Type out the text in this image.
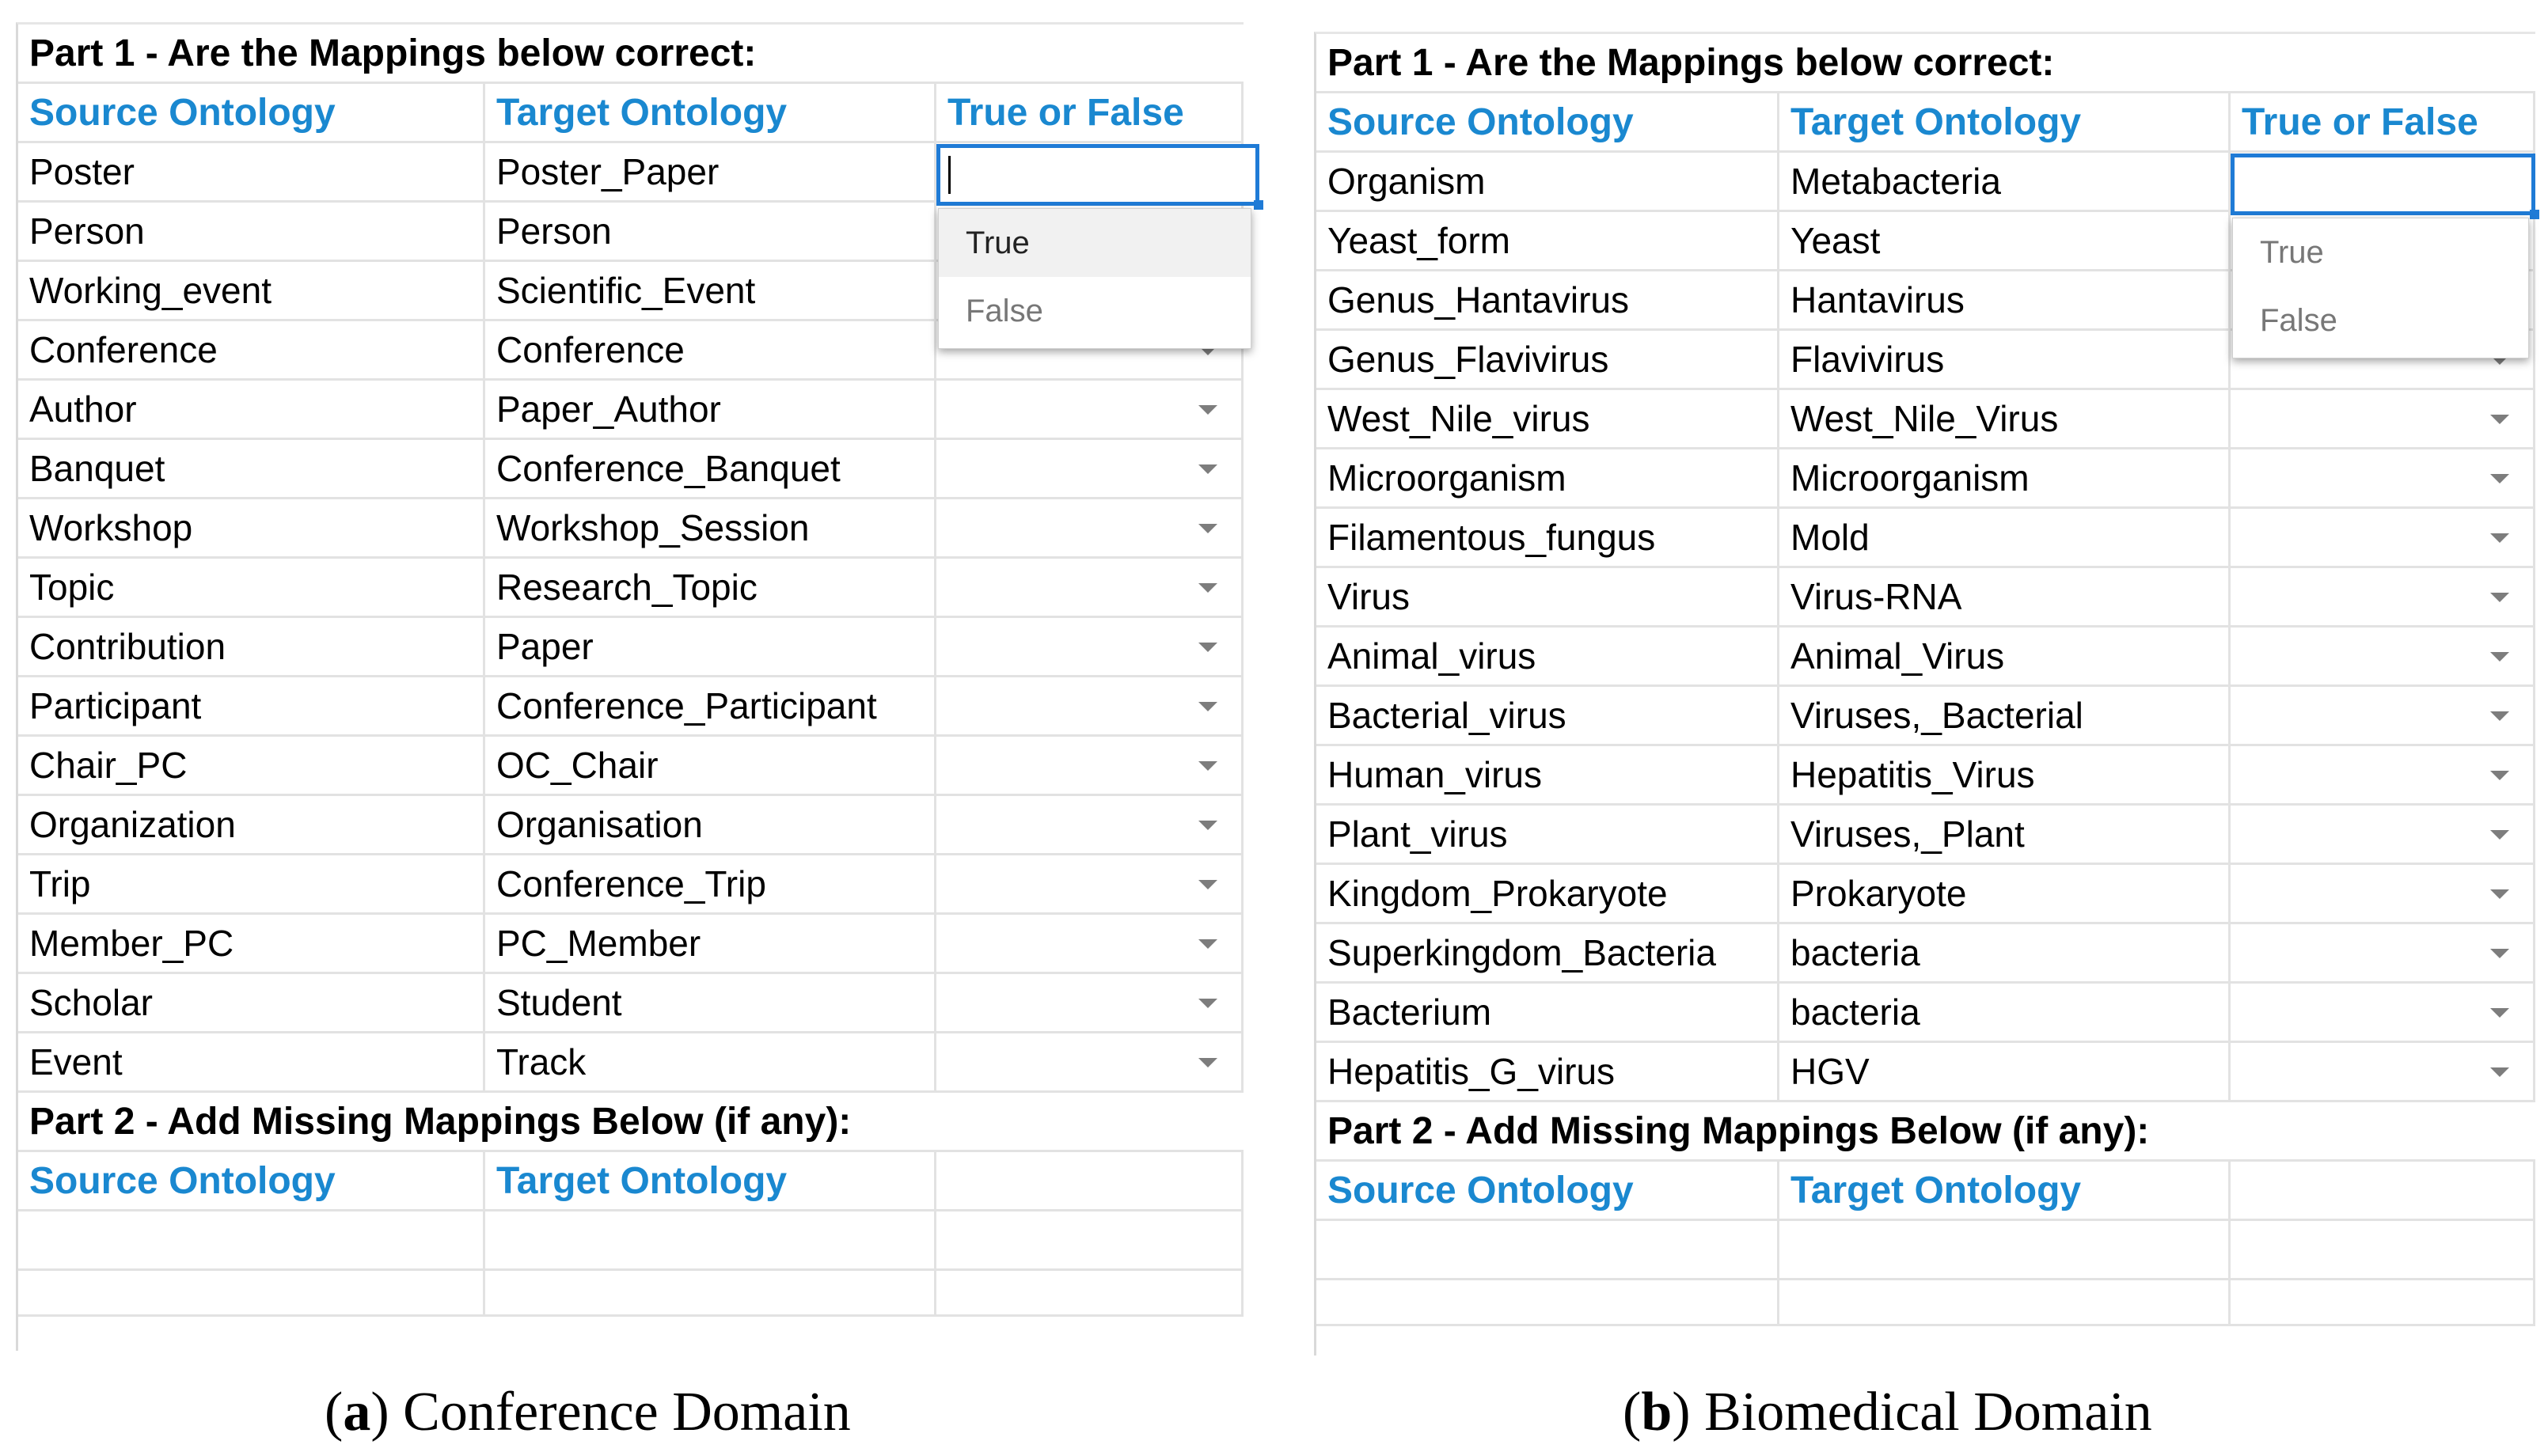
Part 1 - Are the Mappings below correct:
Source Ontology	Target Ontology	True or False
Poster	Poster_Paper
Person	Person
Working_event	Scientific_Event
Conference	Conference
Author	Paper_Author
Banquet	Conference_Banquet
Workshop	Workshop_Session
Topic	Research_Topic
Contribution	Paper
Participant	Conference_Participant
Chair_PC	OC_Chair
Organization	Organisation
Trip	Conference_Trip
Member_PC	PC_Member
Scholar	Student
Event	Track
Part 2 - Add Missing Mappings Below (if any):
Source Ontology	Target Ontology
True
False
Part 1 - Are the Mappings below correct:
Source Ontology	Target Ontology	True or False
Organism	Metabacteria
Yeast_form	Yeast
Genus_Hantavirus	Hantavirus
Genus_Flavivirus	Flavivirus
West_Nile_virus	West_Nile_Virus
Microorganism	Microorganism
Filamentous_fungus	Mold
Virus	Virus-RNA
Animal_virus	Animal_Virus
Bacterial_virus	Viruses,_Bacterial
Human_virus	Hepatitis_Virus
Plant_virus	Viruses,_Plant
Kingdom_Prokaryote	Prokaryote
Superkingdom_Bacteria	bacteria
Bacterium	bacteria
Hepatitis_G_virus	HGV
Part 2 - Add Missing Mappings Below (if any):
Source Ontology	Target Ontology
True
False
(a) Conference Domain	(b) Biomedical Domain
